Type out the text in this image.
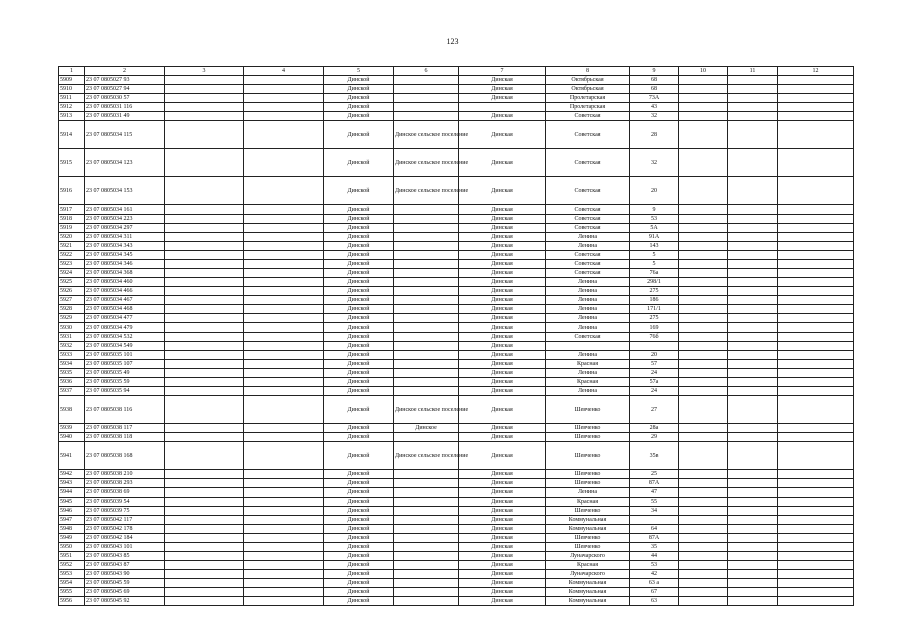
123
1	2	3	4	5	6	7	8	9	10	11	12
5909	23 07 0805027 93			Динской		Динская	Октябрьская	68			
5910	23 07 0805027 94			Динской		Динская	Октябрьская	68			
5911	23 07 0805030 57			Динской		Динская	Пролетарская	73А			
5912	23 07 0805031 116			Динской			Пролетарская	43			
5913	23 07 0805031 49			Динской		Динская	Советская	32			
5914	23 07 0805034 115			Динской	Динское сельское поселение	Динская	Советская	28			
5915	23 07 0805034 123			Динской	Динское сельское поселение	Динская	Советская	32			
5916	23 07 0805034 153			Динской	Динское сельское поселение	Динская	Советская	20			
5917	23 07 0805034 161			Динской		Динская	Советская	9			
5918	23 07 0805034 223			Динской		Динская	Советская	53			
5919	23 07 0805034 297			Динской		Динская	Советская	5А			
5920	23 07 0805034 311			Динской		Динская	Ленина	91А			
5921	23 07 0805034 343			Динской		Динская	Ленина	143			
5922	23 07 0805034 345			Динской		Динская	Советская	5			
5923	23 07 0805034 346			Динской		Динская	Советская	5			
5924	23 07 0805034 368			Динской		Динская	Советская	76а			
5925	23 07 0805034 460			Динской		Динская	Ленина	298/1			
5926	23 07 0805034 466			Динской		Динская	Ленина	275			
5927	23 07 0805034 467			Динской		Динская	Ленина	186			
5928	23 07 0805034 468			Динской		Динская	Ленина	171/1			
5929	23 07 0805034 477			Динской		Динская	Ленина	275			
5930	23 07 0805034 479			Динской		Динская	Ленина	169			
5931	23 07 0805034 532			Динской		Динская	Советская	76б			
5932	23 07 0805034 549			Динской		Динская					
5933	23 07 0805035 101			Динской		Динская	Ленина	20			
5934	23 07 0805035 107			Динской		Динская	Красная	57			
5935	23 07 0805035 49			Динской		Динская	Ленина	24			
5936	23 07 0805035 59			Динской		Динская	Красная	57а			
5937	23 07 0805035 94			Динской		Динская	Ленина	24			
5938	23 07 0805038 116			Динской	Динское сельское поселение	Динская	Шевченко	27			
5939	23 07 0805038 117			Динской	Динское	Динская	Шевченко	28а			
5940	23 07 0805038 118			Динской		Динская	Шевченко	29			
5941	23 07 0805038 168			Динской	Динское сельское поселение	Динская	Шевченко	35в			
5942	23 07 0805038 210			Динской		Динская	Шевченко	25			
5943	23 07 0805038 293			Динской		Динская	Шевченко	87А			
5944	23 07 0805038 69			Динской		Динская	Ленина	47			
5945	23 07 0805039 54			Динской		Динская	Красная	55			
5946	23 07 0805039 75			Динской		Динская	Шевченко	34			
5947	23 07 0805042 117			Динской		Динская	Коммунальная				
5948	23 07 0805042 178			Динской		Динская	Коммунальная	64			
5949	23 07 0805042 184			Динской		Динская	Шевченко	87А			
5950	23 07 0805043 101			Динской		Динская	Шевченко	35			
5951	23 07 0805043 85			Динской		Динская	Луначарского	44			
5952	23 07 0805043 87			Динской		Динская	Красная	53			
5953	23 07 0805043 90			Динской		Динская	Луначарского	42			
5954	23 07 0805045 59			Динской		Динская	Коммунальная	63 а			
5955	23 07 0805045 69			Динской		Динская	Коммунальная	67			
5956	23 07 0805045 92			Динской		Динская	Коммунальная	63			
